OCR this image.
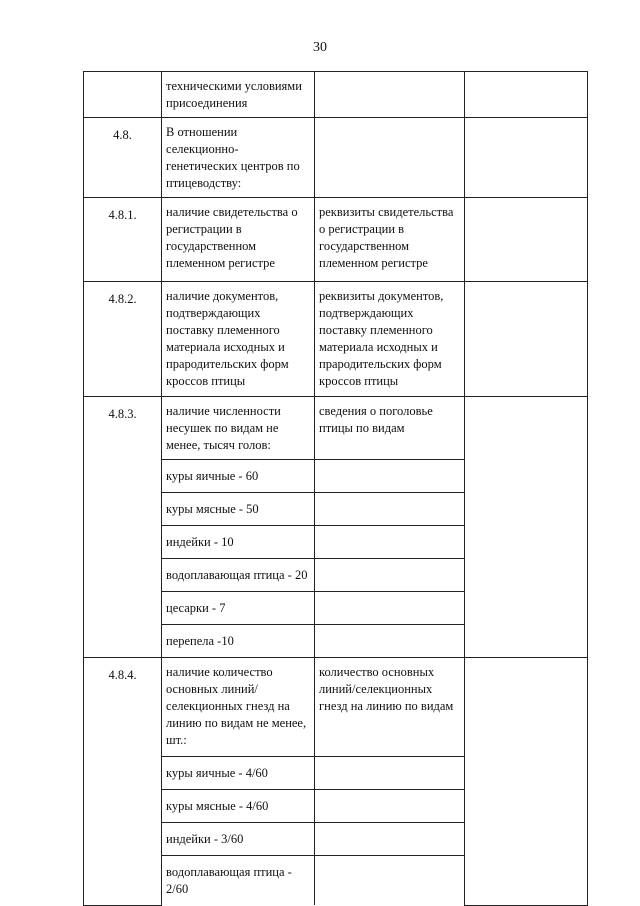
30
	техническими условиями присоединения		
4.8.	В отношении селекционно-генетических центров по птицеводству:		
4.8.1.	наличие свидетельства о регистрации в государственном племенном регистре	реквизиты свидетельства о регистрации в государственном племенном регистре	
4.8.2.	наличие документов, подтверждающих поставку племенного материала исходных и прародительских форм кроссов птицы	реквизиты документов, подтверждающих поставку племенного материала исходных и прародительских форм кроссов птицы	
4.8.3.	наличие численности несушек по видам не менее, тысяч голов:	сведения о поголовье птицы по видам	
	куры яичные - 60		
	куры мясные - 50		
	индейки - 10		
	водоплавающая птица - 20		
	цесарки - 7		
	перепела -10		
4.8.4.	наличие количество основных линий/селекционных гнезд на линию по видам не менее, шт.:	количество основных линий/селекционных гнезд на линию по видам	
	куры яичные - 4/60		
	куры мясные - 4/60		
	индейки - 3/60		
	водоплавающая птица - 2/60		
